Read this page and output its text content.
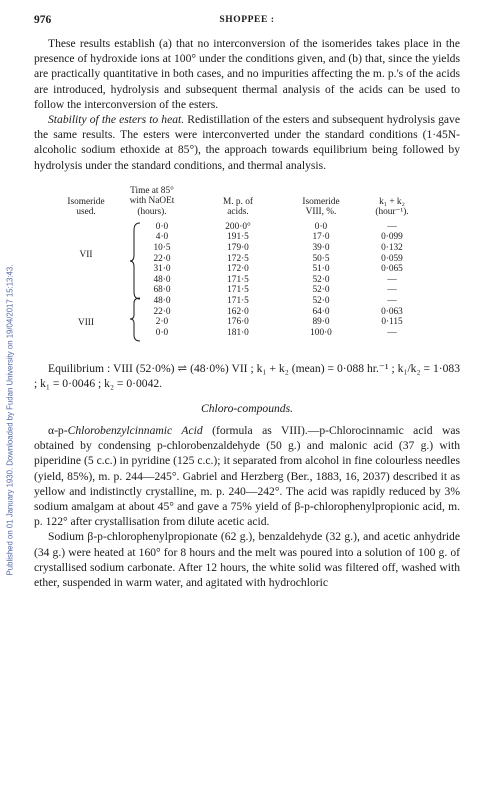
Published on 01 January 1930. Downloaded by Fudan University on 19/04/2017 15:13:43.
976	SHOPPEE :

These results establish (a) that no interconversion of the isomerides takes place in the presence of hydroxide ions at 100° under the conditions given, and (b) that, since the yields are practically quantitative in both cases, and no impurities affecting the m. p.'s of the acids are introduced, hydrolysis and subsequent thermal analysis of the acids can be used to follow the interconversion of the esters.

Stability of the esters to heat. Redistillation of the esters and subsequent hydrolysis gave the same results. The esters were interconverted under the standard conditions (1·45N-alcoholic sodium ethoxide at 85°), the approach towards equilibrium being followed by hydrolysis under the standard conditions, and thermal analysis.

Isomeride
used.
Time at 85°
with NaOEt
(hours).
M. p. of
acids.
Isomeride
VIII, %.
k₁ + k₂
(hour⁻¹).
VII
VIII
0·0
4·0
10·5
22·0
31·0
48·0
68·0
48·0
22·0
2·0
0·0
200·0°
191·5
179·0
172·5
172·0
171·5
171·5
171·5
162·0
176·0
181·0
0·0
17·0
39·0
50·5
51·0
52·0
52·0
52·0
64·0
89·0
100·0
—
0·099
0·132
0·059
0·065
—
—
—
0·063
0·115
—

Equilibrium : VIII (52·0%) ⇌ (48·0%) VII ; k₁ + k₂ (mean) = 0·088 hr.⁻¹ ; k₁/k₂ = 1·083 ; k₁ = 0·0046 ; k₂ = 0·0042.

Chloro-compounds.

α-p-Chlorobenzylcinnamic Acid (formula as VIII).—p-Chlorocinnamic acid was obtained by condensing p-chlorobenzaldehyde (50 g.) and malonic acid (37 g.) with piperidine (5 c.c.) in pyridine (125 c.c.); it separated from alcohol in fine colourless needles (yield, 85%), m. p. 244—245°. Gabriel and Herzberg (Ber., 1883, 16, 2037) described it as yellow and indistinctly crystalline, m. p. 240—242°. The acid was rapidly reduced by 3% sodium amalgam at about 45° and gave a 75% yield of β-p-chlorophenylpropionic acid, m. p. 122° after crystallisation from dilute acetic acid.

Sodium β-p-chlorophenylpropionate (62 g.), benzaldehyde (32 g.), and acetic anhydride (34 g.) were heated at 160° for 8 hours and the melt was poured into a solution of 100 g. of crystallised sodium carbonate. After 12 hours, the white solid was filtered off, washed with ether, suspended in warm water, and agitated with hydrochloric
